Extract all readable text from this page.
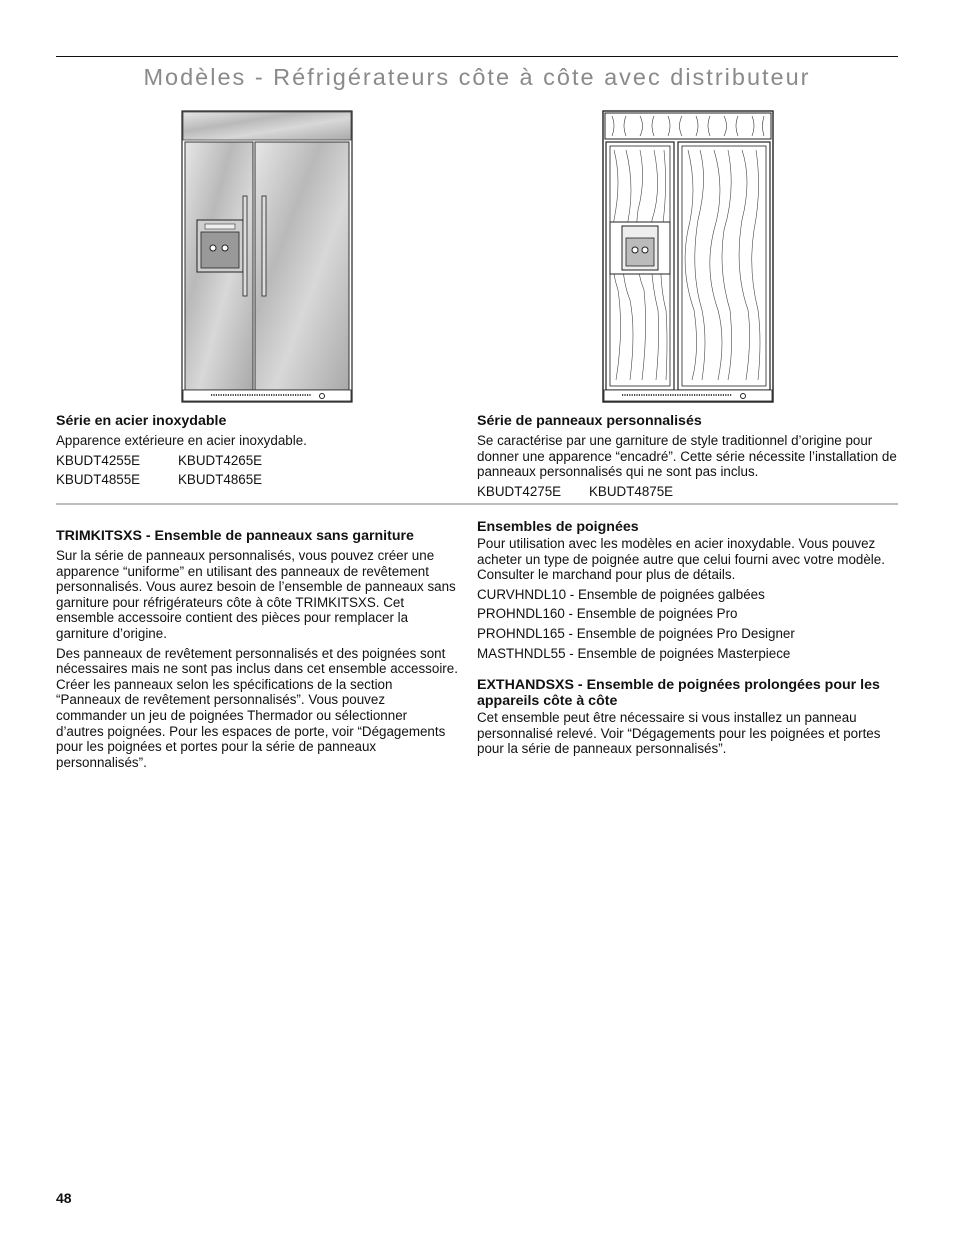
Modèles - Réfrigérateurs côte à côte avec distributeur
Série en acier inoxydable

Apparence extérieure en acier inoxydable.

KBUDT4255E	KBUDT4265E
KBUDT4855E	KBUDT4865E
Série de panneaux personnalisés

Se caractérise par une garniture de style traditionnel d’origine pour donner une apparence “encadré”. Cette série nécessite l’installation de panneaux personnalisés qui ne sont pas inclus.

KBUDT4275E	KBUDT4875E
TRIMKITSXS - Ensemble de panneaux sans garniture

Sur la série de panneaux personnalisés, vous pouvez créer une apparence “uniforme” en utilisant des panneaux de revêtement personnalisés. Vous aurez besoin de l’ensemble de panneaux sans garniture pour réfrigérateurs côte à côte TRIMKITSXS. Cet ensemble accessoire contient des pièces pour remplacer la garniture d’origine.

Des panneaux de revêtement personnalisés et des poignées sont nécessaires mais ne sont pas inclus dans cet ensemble accessoire. Créer les panneaux selon les spécifications de la section “Panneaux de revêtement personnalisés”. Vous pouvez commander un jeu de poignées Thermador ou sélectionner d’autres poignées. Pour les espaces de porte, voir “Dégagements pour les poignées et portes pour la série de panneaux personnalisés”.

Ensembles de poignées

Pour utilisation avec les modèles en acier inoxydable. Vous pouvez acheter un type de poignée autre que celui fourni avec votre modèle. Consulter le marchand pour plus de détails.

CURVHNDL10 - Ensemble de poignées galbées

PROHNDL160 - Ensemble de poignées Pro

PROHNDL165 - Ensemble de poignées Pro Designer

MASTHNDL55 - Ensemble de poignées Masterpiece

EXTHANDSXS - Ensemble de poignées prolongées pour les appareils côte à côte

Cet ensemble peut être nécessaire si vous installez un panneau personnalisé relevé. Voir “Dégagements pour les poignées et portes pour la série de panneaux personnalisés”.

48
